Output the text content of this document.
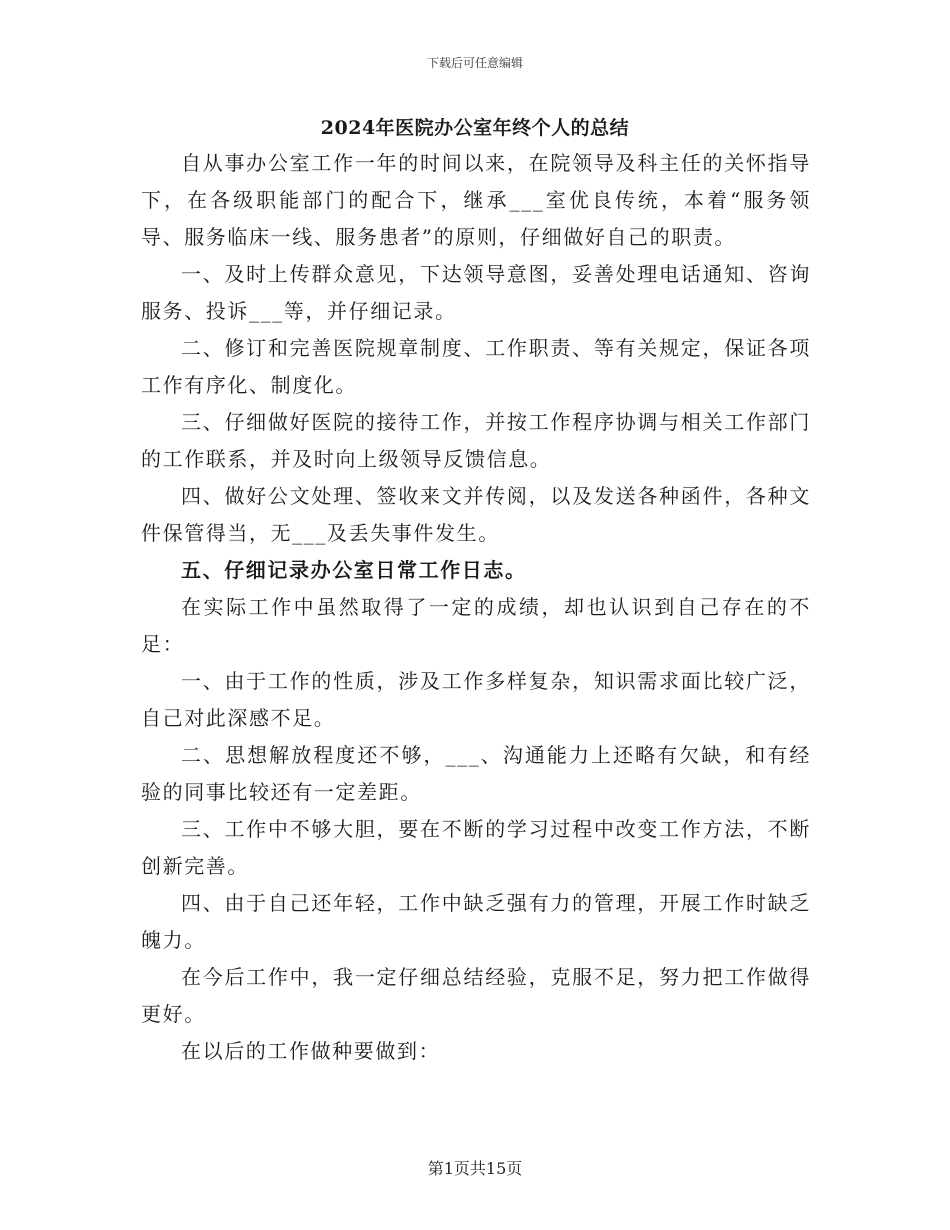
下载后可任意编辑
2024年医院办公室年终个人的总结

自从事办公室工作一年的时间以来，在院领导及科主任的关怀指导下，在各级职能部门的配合下，继承___室优良传统，本着“服务领导、服务临床一线、服务患者”的原则，仔细做好自己的职责。

一、及时上传群众意见，下达领导意图，妥善处理电话通知、咨询服务、投诉___等，并仔细记录。

二、修订和完善医院规章制度、工作职责、等有关规定，保证各项工作有序化、制度化。

三、仔细做好医院的接待工作，并按工作程序协调与相关工作部门的工作联系，并及时向上级领导反馈信息。

四、做好公文处理、签收来文并传阅，以及发送各种函件，各种文件保管得当，无___及丢失事件发生。

五、仔细记录办公室日常工作日志。

在实际工作中虽然取得了一定的成绩，却也认识到自己存在的不足：

一、由于工作的性质，涉及工作多样复杂，知识需求面比较广泛，自己对此深感不足。

二、思想解放程度还不够，___、沟通能力上还略有欠缺，和有经验的同事比较还有一定差距。

三、工作中不够大胆，要在不断的学习过程中改变工作方法，不断创新完善。

四、由于自己还年轻，工作中缺乏强有力的管理，开展工作时缺乏魄力。

在今后工作中，我一定仔细总结经验，克服不足，努力把工作做得更好。

在以后的工作做种要做到：

第1页共15页
